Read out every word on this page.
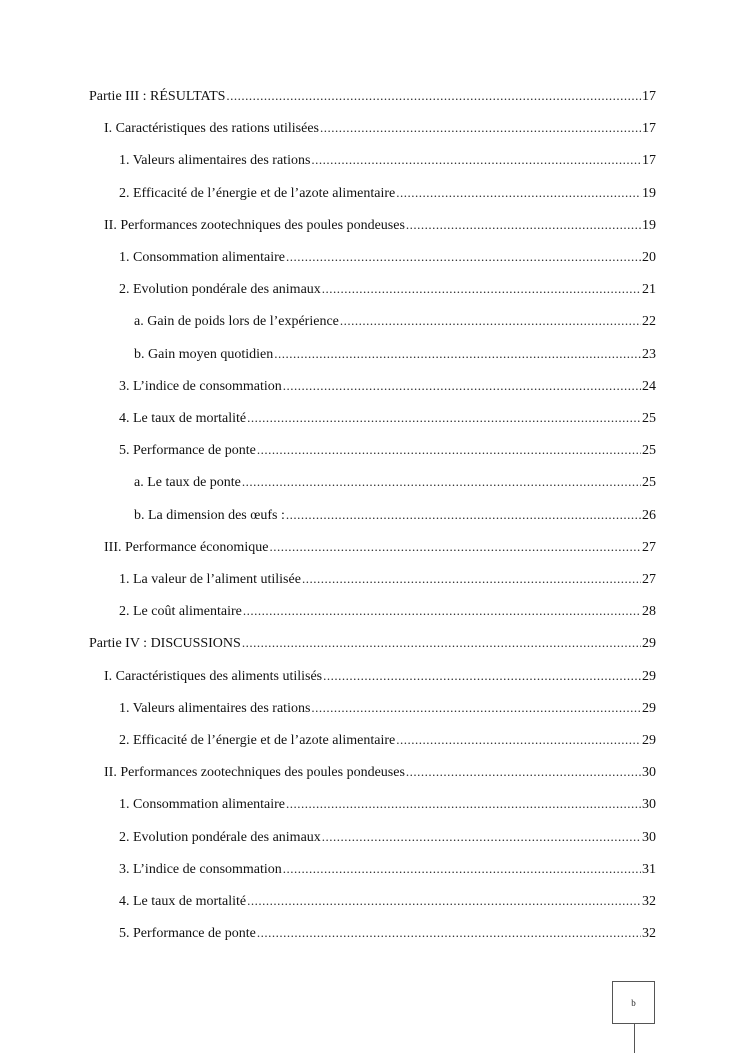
Partie III : RÉSULTATS .....	17
I. Caractéristiques des rations utilisées .....	17
1. Valeurs alimentaires des rations .....	17
2. Efficacité de l’énergie et de l’azote alimentaire .....	19
II. Performances zootechniques des poules pondeuses .....	19
1. Consommation alimentaire .....	20
2. Evolution pondérale des animaux .....	21
a. Gain de poids lors de l’expérience .....	22
b. Gain moyen quotidien .....	23
3. L’indice de consommation .....	24
4. Le taux de mortalité .....	25
5. Performance de ponte .....	25
a. Le taux de ponte .....	25
b. La dimension des œufs : .....	26
III. Performance économique .....	27
1. La valeur de l’aliment utilisée .....	27
2. Le coût alimentaire .....	28
Partie IV : DISCUSSIONS .....	29
I. Caractéristiques des aliments utilisés .....	29
1. Valeurs alimentaires des rations .....	29
2. Efficacité de l’énergie et de l’azote alimentaire .....	29
II. Performances zootechniques des poules pondeuses .....	30
1. Consommation alimentaire .....	30
2. Evolution pondérale des animaux .....	30
3. L’indice de consommation .....	31
4. Le taux de mortalité .....	32
5. Performance de ponte .....	32
b
